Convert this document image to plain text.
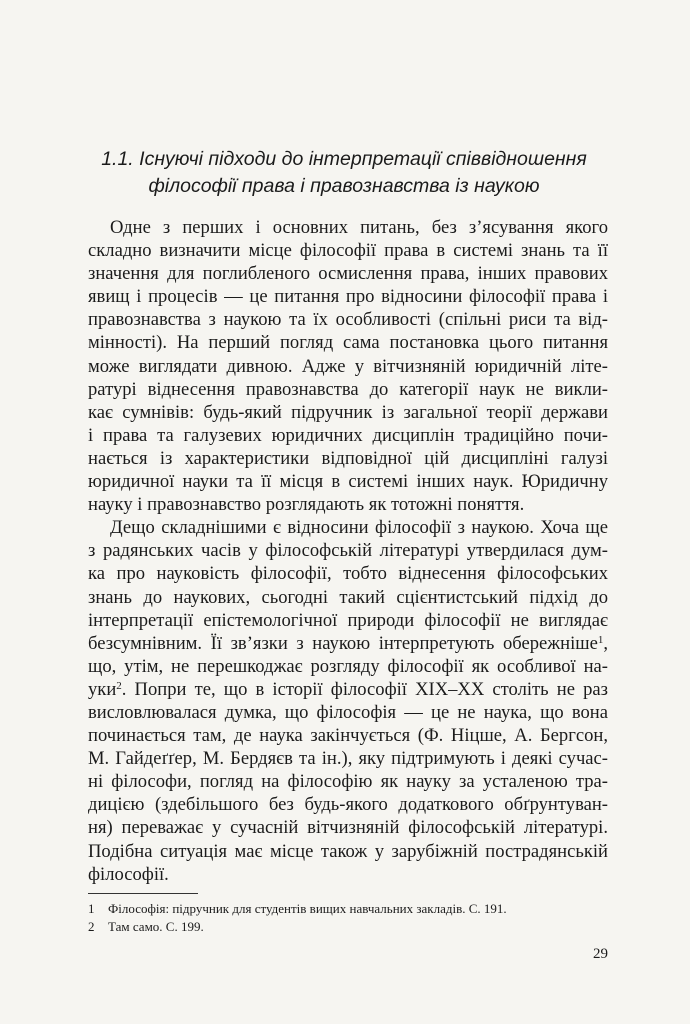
1.1. Існуючі підходи до інтерпретації співвідношення
філософії права і правознавства із наукою
Одне з перших і основних питань, без з’ясування якого
складно визначити місце філософії права в системі знань та її
значення для поглибленого осмислення права, інших правових
явищ і процесів — це питання про відносини філософії права і
правознавства з наукою та їх особливості (спільні риси та від-
мінності). На перший погляд сама постановка цього питання
може виглядати дивною. Адже у вітчизняній юридичній літе-
ратурі віднесення правознавства до категорії наук не викли-
кає сумнівів: будь-який підручник із загальної теорії держави
і права та галузевих юридичних дисциплін традиційно почи-
нається із характеристики відповідної цій дисципліні галузі
юридичної науки та її місця в системі інших наук. Юридичну
науку і правознавство розглядають як тотожні поняття.
Дещо складнішими є відносини філософії з наукою. Хоча ще
з радянських часів у філософській літературі утвердилася дум-
ка про науковість філософії, тобто віднесення філософських
знань до наукових, сьогодні такий сцієнтистський підхід до
інтерпретації епістемологічної природи філософії не виглядає
безсумнівним. Її зв’язки з наукою інтерпретують обережніше$^1$,
що, утім, не перешкоджає розгляду філософії як особливої на-
уки$^2$. Попри те, що в історії філософії XIX–XX століть не раз
висловлювалася думка, що філософія — це не наука, що вона
починається там, де наука закінчується (Ф. Ніцше, А. Бергсон,
М. Гайдеґґер, М. Бердяєв та ін.), яку підтримують і деякі сучас-
ні філософи, погляд на філософію як науку за усталеною тра-
дицією (здебільшого без будь-якого додаткового обґрунтуван-
ня) переважає у сучасній вітчизняній філософській літературі.
Подібна ситуація має місце також у зарубіжній пострадянській
філософії.
1 Філософія: підручник для студентів вищих навчальних закладів. С. 191.
2 Там само. С. 199.
29
